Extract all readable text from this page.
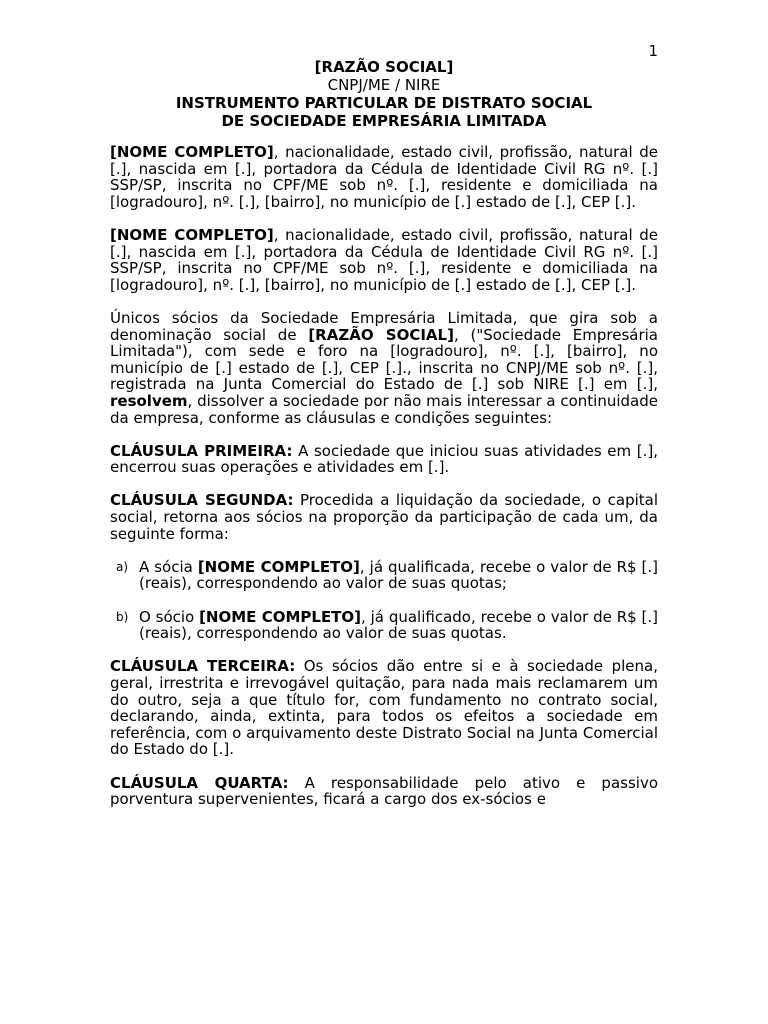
1
[RAZÃO SOCIAL]
CNPJ/ME / NIRE
INSTRUMENTO PARTICULAR DE DISTRATO SOCIAL
DE SOCIEDADE EMPRESÁRIA LIMITADA

[NOME COMPLETO], nacionalidade, estado civil, profissão, natural de [.], nascida em [.], portadora da Cédula de Identidade Civil RG nº. [.] SSP/SP, inscrita no CPF/ME sob nº. [.], residente e domiciliada na [logradouro], nº. [.], [bairro], no município de [.] estado de [.], CEP [.].

[NOME COMPLETO], nacionalidade, estado civil, profissão, natural de [.], nascida em [.], portadora da Cédula de Identidade Civil RG nº. [.] SSP/SP, inscrita no CPF/ME sob nº. [.], residente e domiciliada na [logradouro], nº. [.], [bairro], no município de [.] estado de [.], CEP [.].

Únicos sócios da Sociedade Empresária Limitada, que gira sob a denominação social de [RAZÃO SOCIAL], ("Sociedade Empresária Limitada"), com sede e foro na [logradouro], nº. [.], [bairro], no município de [.] estado de [.], CEP [.]., inscrita no CNPJ/ME sob nº. [.], registrada na Junta Comercial do Estado de [.] sob NIRE [.] em [.], resolvem, dissolver a sociedade por não mais interessar a continuidade da empresa, conforme as cláusulas e condições seguintes:

CLÁUSULA PRIMEIRA: A sociedade que iniciou suas atividades em [.], encerrou suas operações e atividades em [.].

CLÁUSULA SEGUNDA: Procedida a liquidação da sociedade, o capital social, retorna aos sócios na proporção da participação de cada um, da seguinte forma:

a) A sócia [NOME COMPLETO], já qualificada, recebe o valor de R$ [.] (reais), correspondendo ao valor de suas quotas;
b) O sócio [NOME COMPLETO], já qualificado, recebe o valor de R$ [.] (reais), correspondendo ao valor de suas quotas.

CLÁUSULA TERCEIRA: Os sócios dão entre si e à sociedade plena, geral, irrestrita e irrevogável quitação, para nada mais reclamarem um do outro, seja a que título for, com fundamento no contrato social, declarando, ainda, extinta, para todos os efeitos a sociedade em referência, com o arquivamento deste Distrato Social na Junta Comercial do Estado do [.].

CLÁUSULA QUARTA: A responsabilidade pelo ativo e passivo porventura supervenientes, ficará a cargo dos ex-sócios e
